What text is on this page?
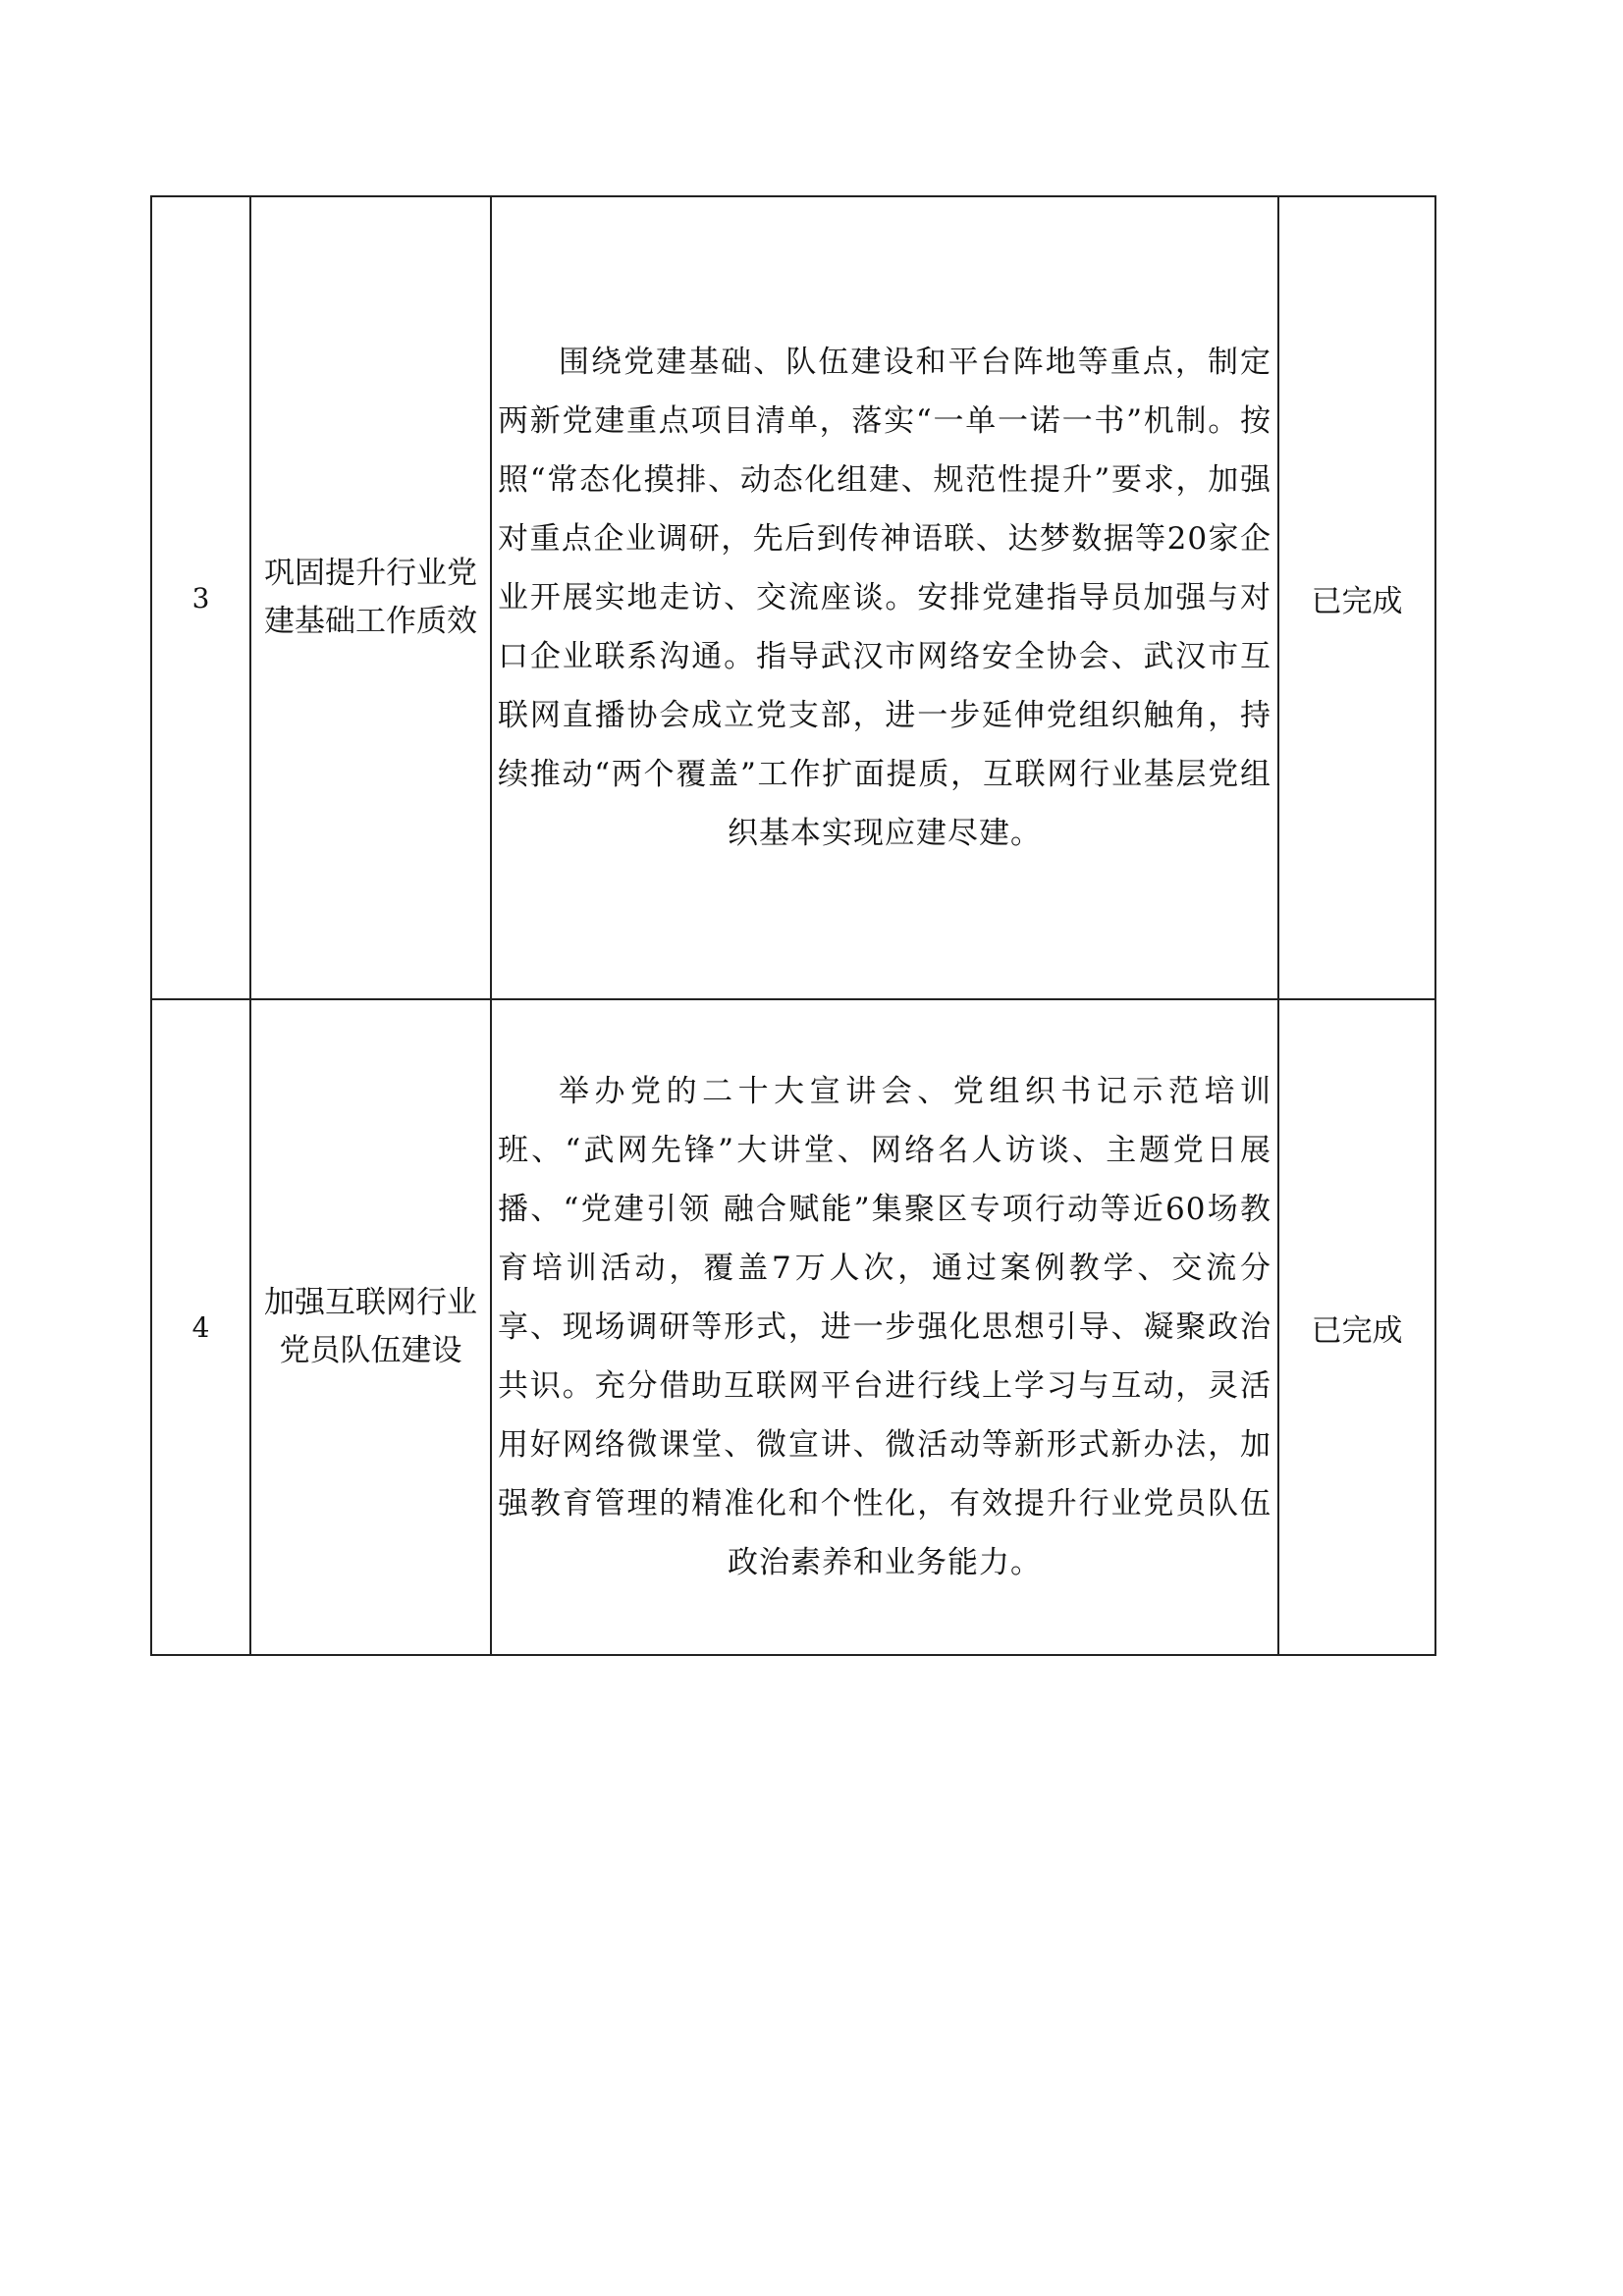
3	巩固提升行业党建基础工作质效	围绕党建基础、队伍建设和平台阵地等重点，制定两新党建重点项目清单，落实“一单一诺一书”机制。按照“常态化摸排、动态化组建、规范性提升”要求，加强对重点企业调研，先后到传神语联、达梦数据等20家企业开展实地走访、交流座谈。安排党建指导员加强与对口企业联系沟通。指导武汉市网络安全协会、武汉市互联网直播协会成立党支部，进一步延伸党组织触角，持续推动“两个覆盖”工作扩面提质，互联网行业基层党组织基本实现应建尽建。	已完成
4	加强互联网行业党员队伍建设	举办党的二十大宣讲会、党组织书记示范培训班、“武网先锋”大讲堂、网络名人访谈、主题党日展播、“党建引领 融合赋能”集聚区专项行动等近60场教育培训活动，覆盖7万人次，通过案例教学、交流分享、现场调研等形式，进一步强化思想引导、凝聚政治共识。充分借助互联网平台进行线上学习与互动，灵活用好网络微课堂、微宣讲、微活动等新形式新办法，加强教育管理的精准化和个性化，有效提升行业党员队伍政治素养和业务能力。	已完成
